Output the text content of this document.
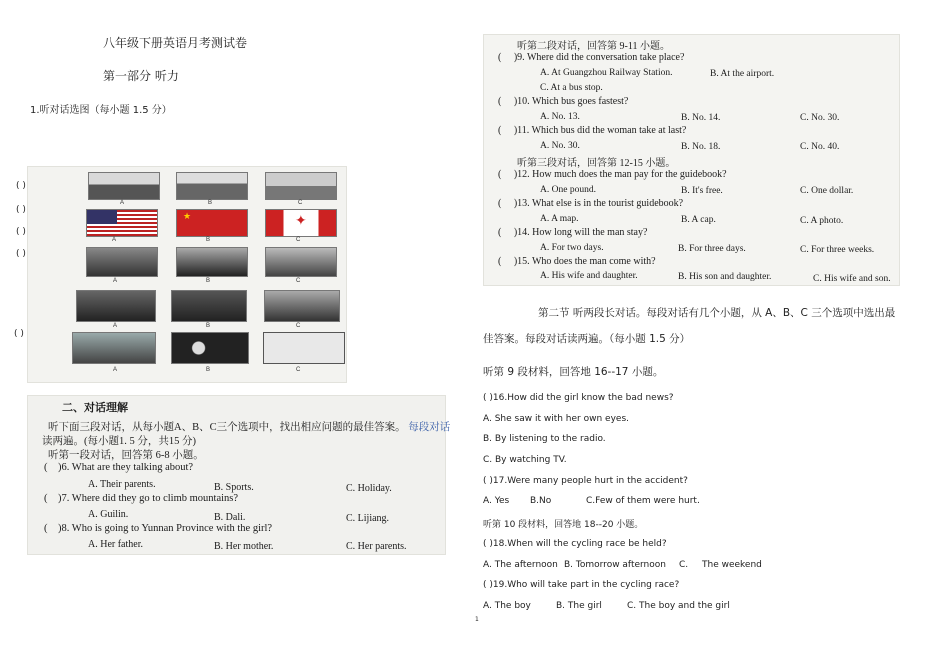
八年级下册英语月考测试卷
第一部分 听力
1.听对话选图（每小题 1.5 分）
( )
( )
( )
( )
( )
A	B	C
★
✦
A	B	C
A	B	C
A	B	C
A	B	C
二、对话理解
听下面三段对话，从每小题A、B、C三个选项中，找出相应问题的最佳答案。 每段对话
读两遍。(每小题1. 5 分，共15 分)
听第一段对话，回答第 6-8 小题。
( )6. What are they talking about?
A. Their parents.	B. Sports.	C. Holiday.
( )7. Where did they go to climb mountains?
A. Guilin.	B. Dali.	C. Lijiang.
( )8. Who is going to Yunnan Province with the girl?
A. Her father.	B. Her mother.	C. Her parents.
听第二段对话，回答第 9-11 小题。
( )9. Where did the conversation take place?
A. At Guangzhou Railway Station.	B. At the airport.
C. At a bus stop.
( )10. Which bus goes fastest?
A. No. 13.	B. No. 14.	C. No. 30.
( )11. Which bus did the woman take at last?
A. No. 30.	B. No. 18.	C. No. 40.
听第三段对话，回答第 12-15 小题。
( )12. How much does the man pay for the guidebook?
A. One pound.	B. It's free.	C. One dollar.
( )13. What else is in the tourist guidebook?
A. A map.	B. A cap.	C. A photo.
( )14. How long will the man stay?
A. For two days.	B. For three days.	C. For three weeks.
( )15. Who does the man come with?
A. His wife and daughter.	B. His son and daughter.	C. His wife and son.
第二节 听两段长对话。每段对话有几个小题，从 A、B、C 三个选项中选出最
佳答案。每段对话读两遍。（每小题 1.5 分）
听第 9 段材料，回答地 16--17 小题。
( )16.How did the girl know the bad news?
A. She saw it with her own eyes.
B. By listening to the radio.
C. By watching TV.
( )17.Were many people hurt in the accident?
A. Yes B.No	C.Few of them were hurt.
听第 10 段材料，回答地 18--20 小题。
( )18.When will the cycling race be held?
A. The afternoon B. Tomorrow afternoon C. The weekend
( )19.Who will take part in the cycling race?
A. The boy	B. The girl	C. The boy and the girl
1
